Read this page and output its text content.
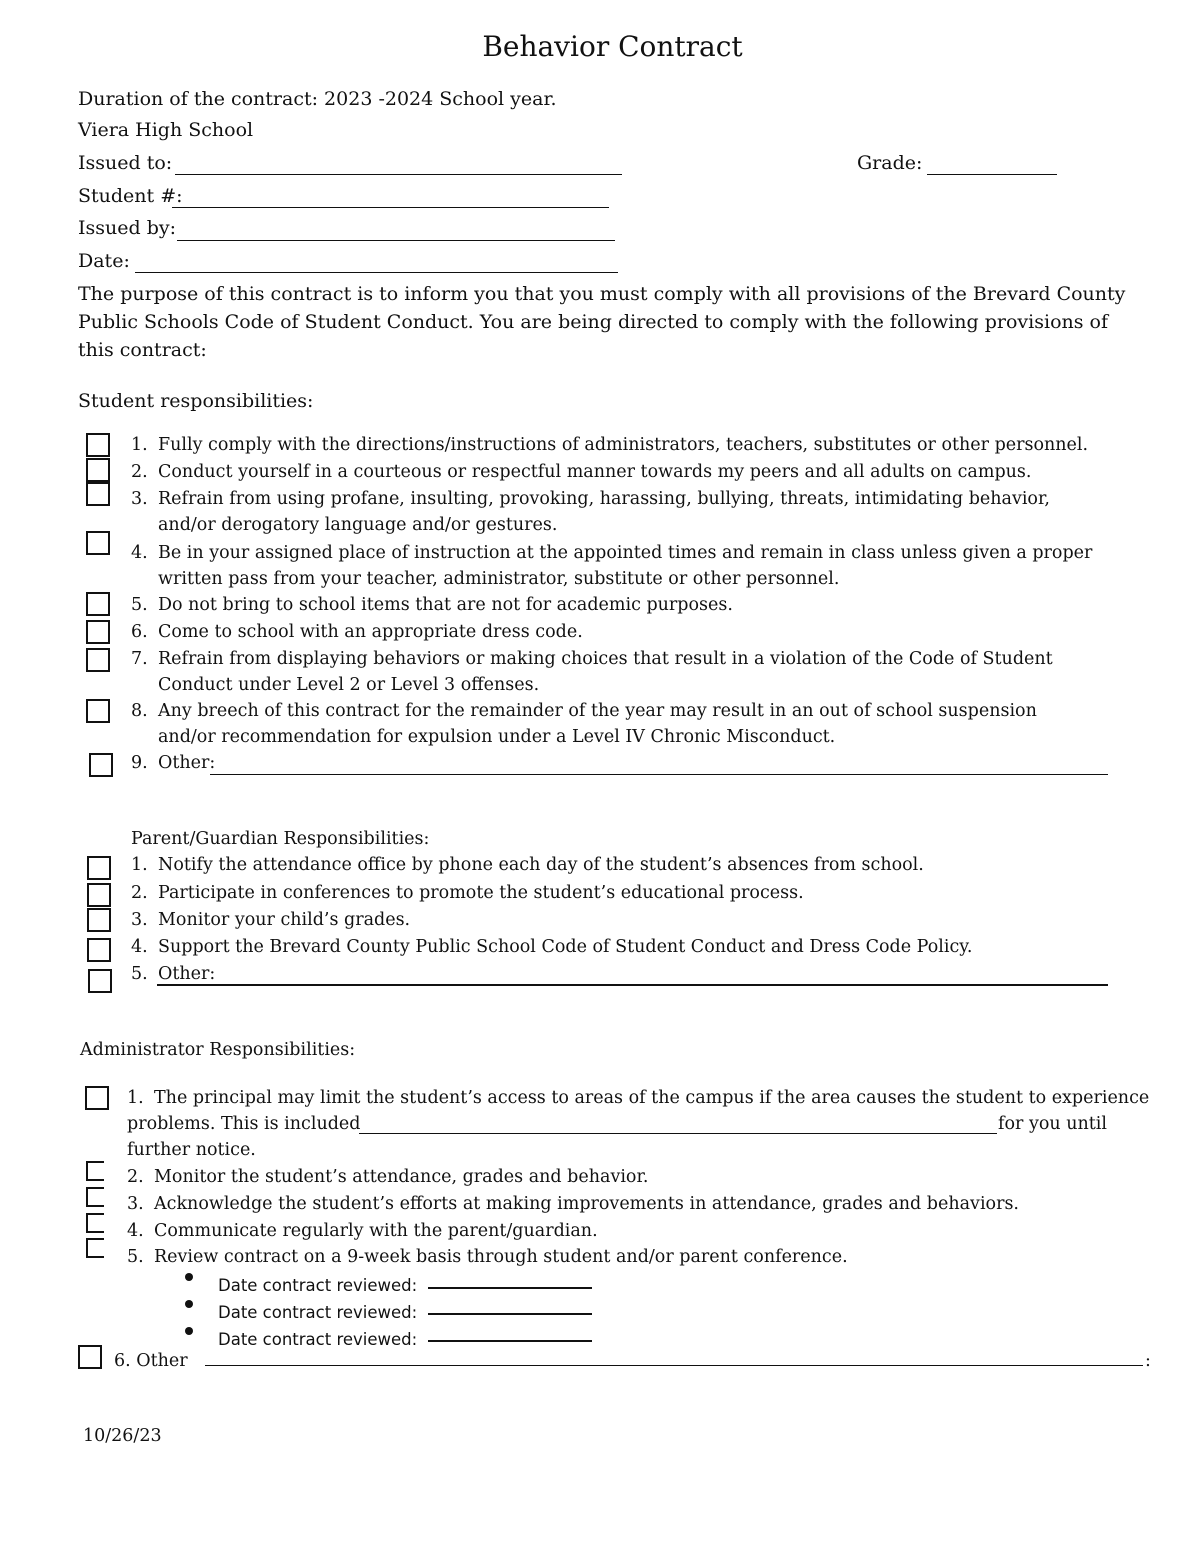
Behavior Contract
Duration of the contract: 2023 -2024 School year.
Viera High School
Issued to:	Grade:
Student #:
Issued by:
Date:
The purpose of this contract is to inform you that you must comply with all provisions of the Brevard County Public Schools Code of Student Conduct. You are being directed to comply with the following provisions of this contract:
Student responsibilities:
1. Fully comply with the directions/instructions of administrators, teachers, substitutes or other personnel.
2. Conduct yourself in a courteous or respectful manner towards my peers and all adults on campus.
3. Refrain from using profane, insulting, provoking, harassing, bullying, threats, intimidating behavior, and/or derogatory language and/or gestures.
4. Be in your assigned place of instruction at the appointed times and remain in class unless given a proper written pass from your teacher, administrator, substitute or other personnel.
5. Do not bring to school items that are not for academic purposes.
6. Come to school with an appropriate dress code.
7. Refrain from displaying behaviors or making choices that result in a violation of the Code of Student Conduct under Level 2 or Level 3 offenses.
8. Any breech of this contract for the remainder of the year may result in an out of school suspension and/or recommendation for expulsion under a Level IV Chronic Misconduct.
9. Other:
Parent/Guardian Responsibilities:
1. Notify the attendance office by phone each day of the student’s absences from school.
2. Participate in conferences to promote the student’s educational process.
3. Monitor your child’s grades.
4. Support the Brevard County Public School Code of Student Conduct and Dress Code Policy.
5. Other:
Administrator Responsibilities:
1. The principal may limit the student’s access to areas of the campus if the area causes the student to experience
problems. This is included	for you until
further notice.
2. Monitor the student’s attendance, grades and behavior.
3. Acknowledge the student’s efforts at making improvements in attendance, grades and behaviors.
4. Communicate regularly with the parent/guardian.
5. Review contract on a 9-week basis through student and/or parent conference.
Date contract reviewed:
Date contract reviewed:
Date contract reviewed:
6. Other	:
10/26/23
